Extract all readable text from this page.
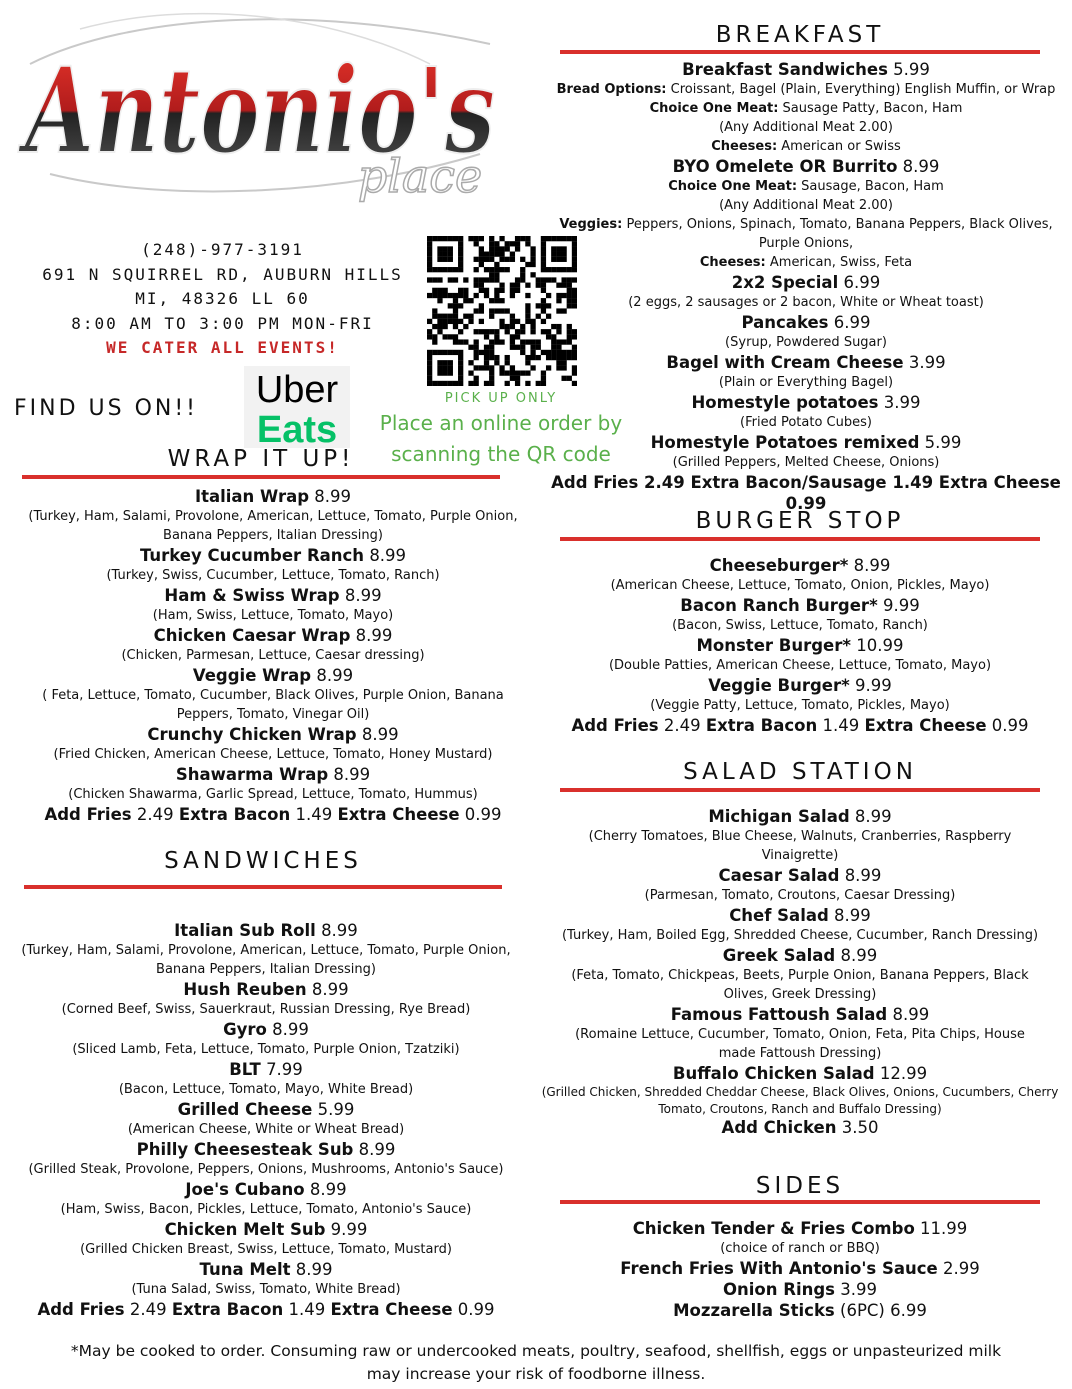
Antonio's
place
(248)-977-3191
691 N SQUIRREL RD, AUBURN HILLS
MI, 48326 LL 60
8:00 AM TO 3:00 PM MON-FRI
WE CATER ALL EVENTS!
PICK UP ONLY
Place an online order by
scanning the QR code
FIND US ON!! Uber
Eats
BREAKFAST
WRAP IT UP!
BURGER STOP
SALAD STATION
SANDWICHES
SIDES
Breakfast Sandwiches 5.99
Bread Options: Croissant, Bagel (Plain, Everything) English Muffin, or Wrap
Choice One Meat: Sausage Patty, Bacon, Ham
(Any Additional Meat 2.00)
Cheeses: American or Swiss
BYO Omelete OR Burrito 8.99
Choice One Meat: Sausage, Bacon, Ham
(Any Additional Meat 2.00)
Veggies: Peppers, Onions, Spinach, Tomato, Banana Peppers, Black Olives,
Purple Onions,
Cheeses: American, Swiss, Feta
2x2 Special 6.99
(2 eggs, 2 sausages or 2 bacon, White or Wheat toast)
Pancakes 6.99
(Syrup, Powdered Sugar)
Bagel with Cream Cheese 3.99
(Plain or Everything Bagel)
Homestyle potatoes 3.99
(Fried Potato Cubes)
Homestyle Potatoes remixed 5.99
(Grilled Peppers, Melted Cheese, Onions)
Add Fries 2.49 Extra Bacon/Sausage 1.49 Extra Cheese 0.99
Italian Wrap 8.99
(Turkey, Ham, Salami, Provolone, American, Lettuce, Tomato, Purple Onion,
Banana Peppers, Italian Dressing)
Turkey Cucumber Ranch 8.99
(Turkey, Swiss, Cucumber, Lettuce, Tomato, Ranch)
Ham & Swiss Wrap 8.99
(Ham, Swiss, Lettuce, Tomato, Mayo)
Chicken Caesar Wrap 8.99
(Chicken, Parmesan, Lettuce, Caesar dressing)
Veggie Wrap 8.99
( Feta, Lettuce, Tomato, Cucumber, Black Olives, Purple Onion, Banana
Peppers, Tomato, Vinegar Oil)
Crunchy Chicken Wrap 8.99
(Fried Chicken, American Cheese, Lettuce, Tomato, Honey Mustard)
Shawarma Wrap 8.99
(Chicken Shawarma, Garlic Spread, Lettuce, Tomato, Hummus)
Add Fries 2.49 Extra Bacon 1.49 Extra Cheese 0.99
Cheeseburger* 8.99
(American Cheese, Lettuce, Tomato, Onion, Pickles, Mayo)
Bacon Ranch Burger* 9.99
(Bacon, Swiss, Lettuce, Tomato, Ranch)
Monster Burger* 10.99
(Double Patties, American Cheese, Lettuce, Tomato, Mayo)
Veggie Burger* 9.99
(Veggie Patty, Lettuce, Tomato, Pickles, Mayo)
Add Fries 2.49 Extra Bacon 1.49 Extra Cheese 0.99
Michigan Salad 8.99
(Cherry Tomatoes, Blue Cheese, Walnuts, Cranberries, Raspberry
Vinaigrette)
Caesar Salad 8.99
(Parmesan, Tomato, Croutons, Caesar Dressing)
Chef Salad 8.99
(Turkey, Ham, Boiled Egg, Shredded Cheese, Cucumber, Ranch Dressing)
Greek Salad 8.99
(Feta, Tomato, Chickpeas, Beets, Purple Onion, Banana Peppers, Black
Olives, Greek Dressing)
Famous Fattoush Salad 8.99
(Romaine Lettuce, Cucumber, Tomato, Onion, Feta, Pita Chips, House
made Fattoush Dressing)
Buffalo Chicken Salad 12.99
(Grilled Chicken, Shredded Cheddar Cheese, Black Olives, Onions, Cucumbers, Cherry
Tomato, Croutons, Ranch and Buffalo Dressing)
Add Chicken 3.50
Italian Sub Roll 8.99
(Turkey, Ham, Salami, Provolone, American, Lettuce, Tomato, Purple Onion,
Banana Peppers, Italian Dressing)
Hush Reuben 8.99
(Corned Beef, Swiss, Sauerkraut, Russian Dressing, Rye Bread)
Gyro 8.99
(Sliced Lamb, Feta, Lettuce, Tomato, Purple Onion, Tzatziki)
BLT 7.99
(Bacon, Lettuce, Tomato, Mayo, White Bread)
Grilled Cheese 5.99
(American Cheese, White or Wheat Bread)
Philly Cheesesteak Sub 8.99
(Grilled Steak, Provolone, Peppers, Onions, Mushrooms, Antonio's Sauce)
Joe's Cubano 8.99
(Ham, Swiss, Bacon, Pickles, Lettuce, Tomato, Antonio's Sauce)
Chicken Melt Sub 9.99
(Grilled Chicken Breast, Swiss, Lettuce, Tomato, Mustard)
Tuna Melt 8.99
(Tuna Salad, Swiss, Tomato, White Bread)
Add Fries 2.49 Extra Bacon 1.49 Extra Cheese 0.99
Chicken Tender & Fries Combo 11.99
(choice of ranch or BBQ)
French Fries With Antonio's Sauce 2.99
Onion Rings 3.99
Mozzarella Sticks (6PC) 6.99
*May be cooked to order. Consuming raw or undercooked meats, poultry, seafood, shellfish, eggs or unpasteurized milk
may increase your risk of foodborne illness.
